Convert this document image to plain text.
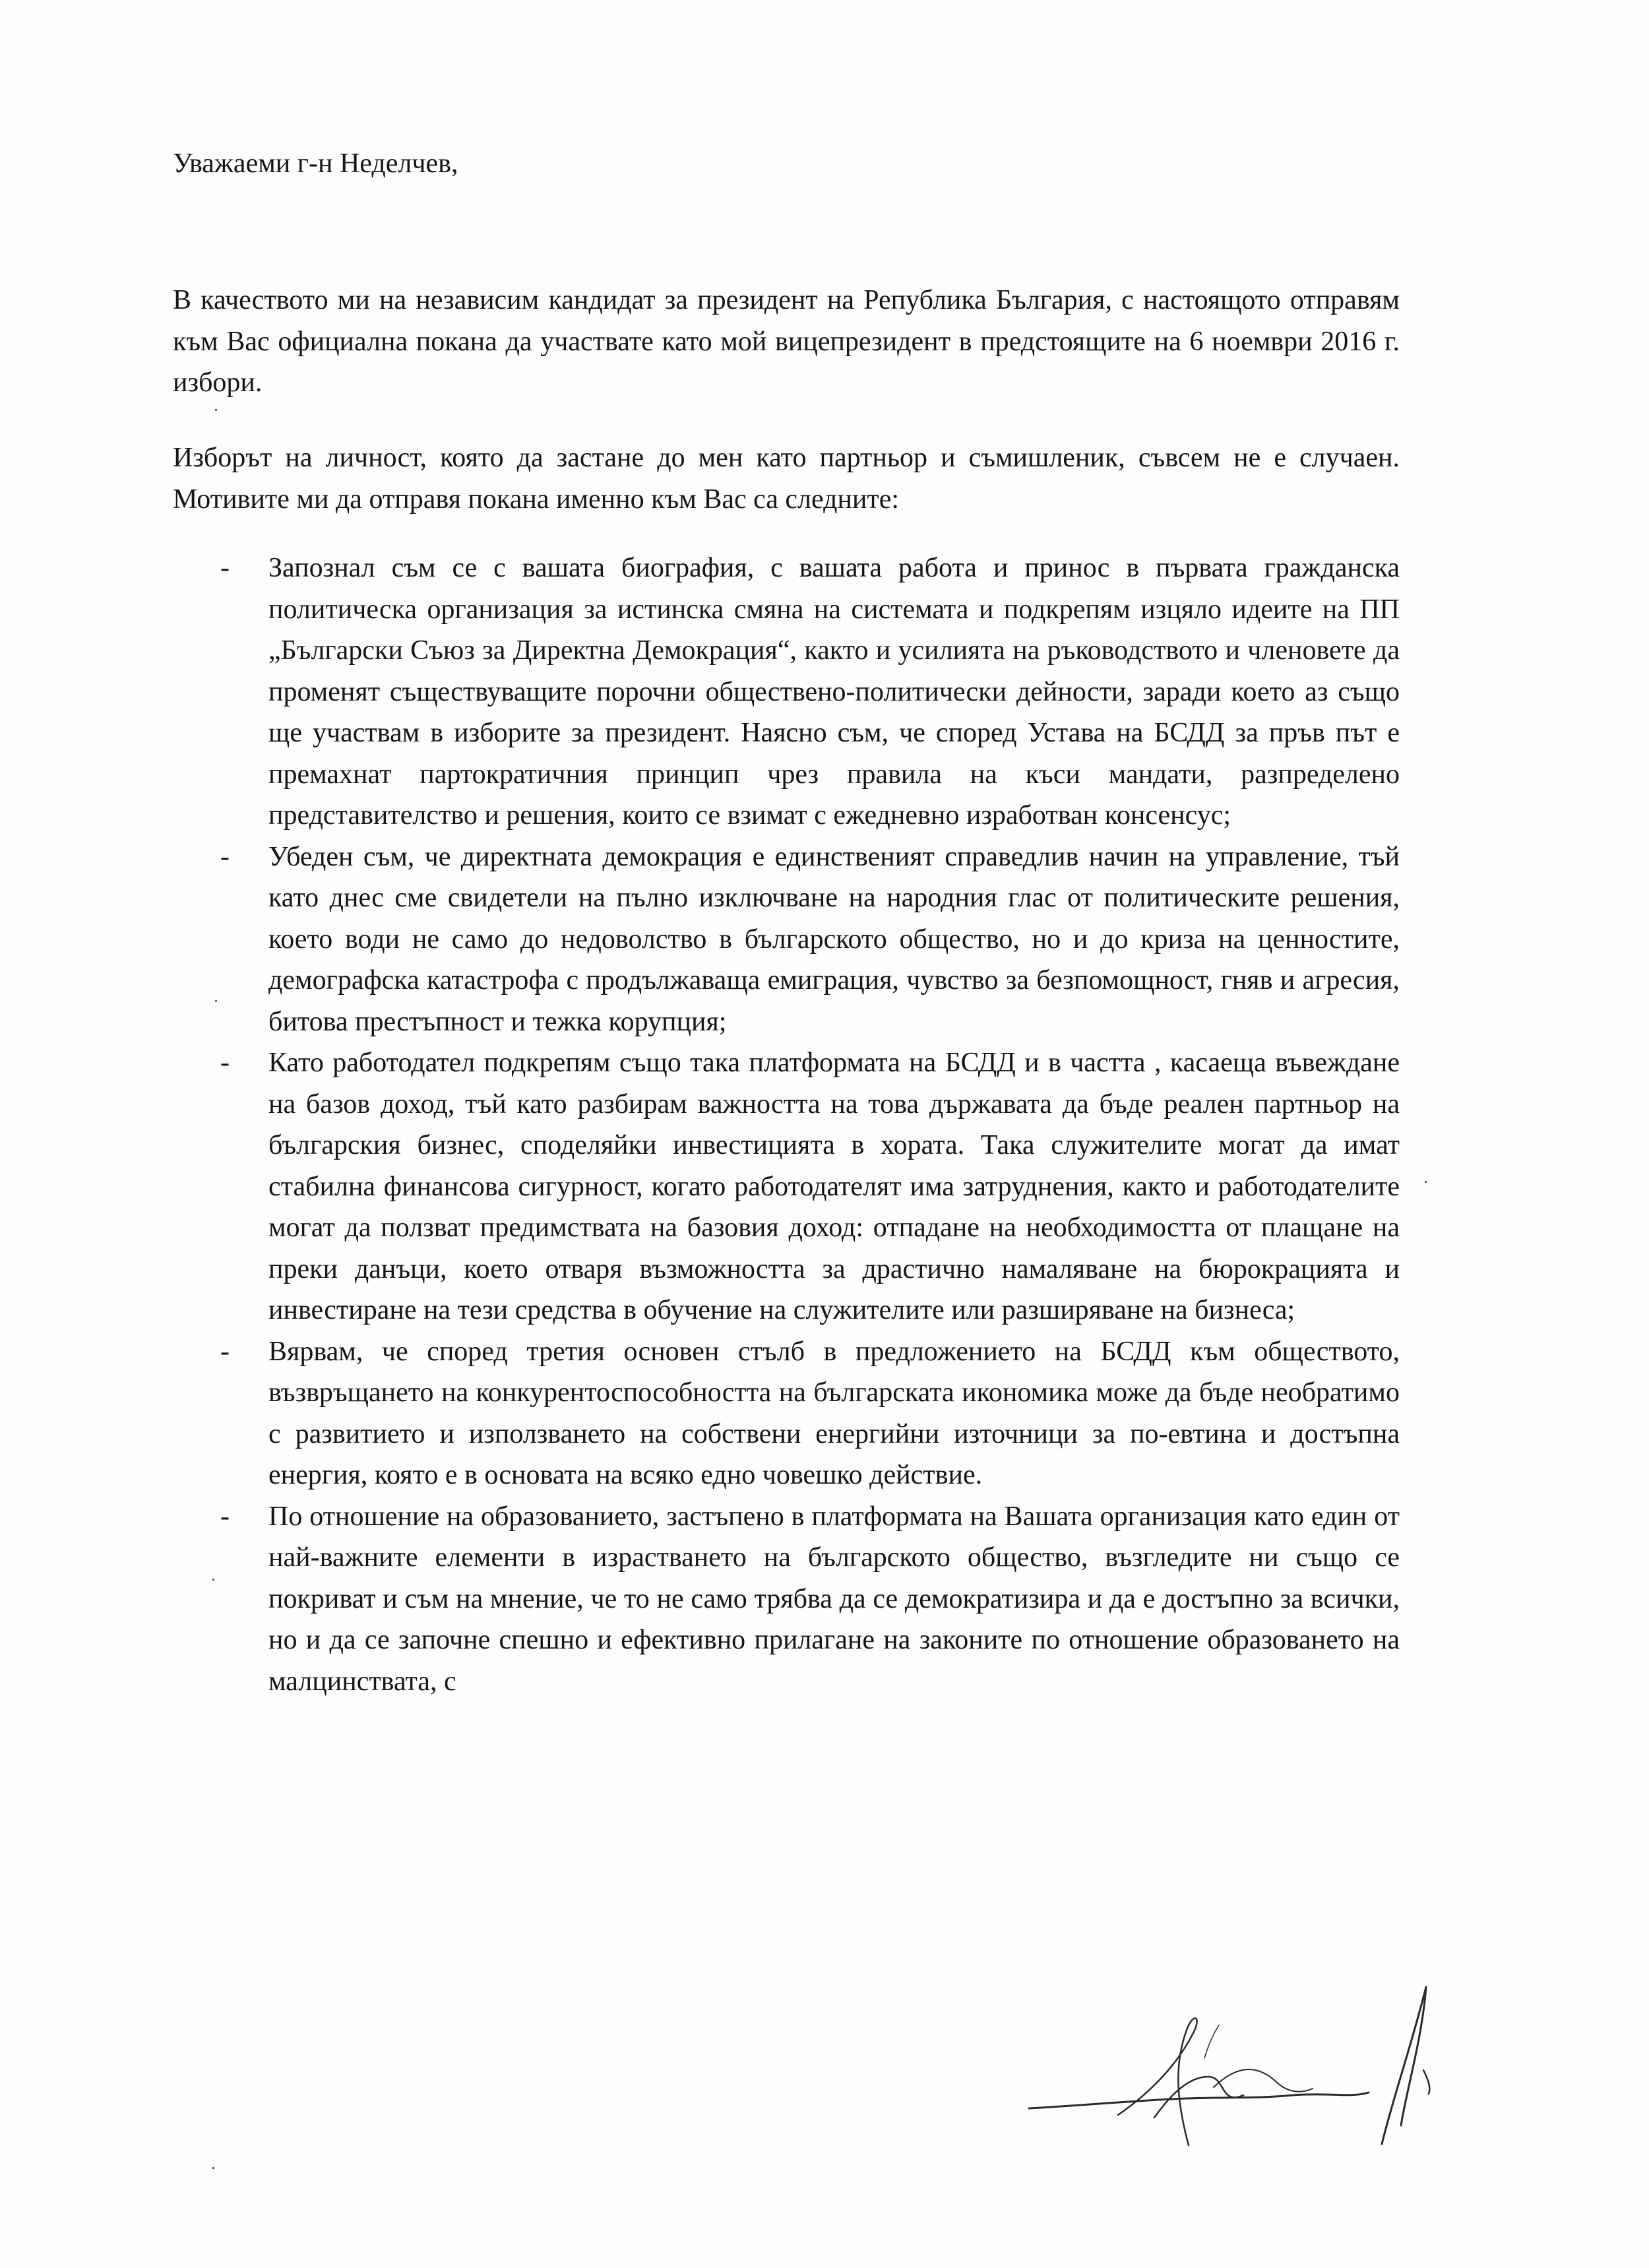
Уважаеми г-н Неделчев,

В качеството ми на независим кандидат за президент на Република България, с настоящото отправям към Вас официална покана да участвате като мой вицепрезидент в предстоящите на 6 ноември 2016 г. избори.

Изборът на личност, която да застане до мен като партньор и съмишленик, съвсем не е случаен. Мотивите ми да отправя покана именно към Вас са следните:

- Запознал съм се с вашата биография, с вашата работа и принос в първата гражданска политическа организация за истинска смяна на системата и подкрепям изцяло идеите на ПП „Български Съюз за Директна Демокрация“, както и усилията на ръководството и членовете да променят съществуващите порочни обществено-политически дейности, заради което аз също ще участвам в изборите за президент. Наясно съм, че според Устава на БСДД за пръв път е премахнат партократичния принцип чрез правила на къси мандати, разпределено представителство и решения, които се взимат с ежедневно изработван консенсус;
- Убеден съм, че директната демокрация е единственият справедлив начин на управление, тъй като днес сме свидетели на пълно изключване на народния глас от политическите решения, което води не само до недоволство в българското общество, но и до криза на ценностите, демографска катастрофа с продължаваща емиграция, чувство за безпомощност, гняв и агресия, битова престъпност и тежка корупция;
- Като работодател подкрепям също така платформата на БСДД и в частта , касаеща въвеждане на базов доход, тъй като разбирам важността на това държавата да бъде реален партньор на българския бизнес, споделяйки инвестицията в хората. Така служителите могат да имат стабилна финансова сигурност, когато работодателят има затруднения, както и работодателите могат да ползват предимствата на базовия доход: отпадане на необходимостта от плащане на преки данъци, което отваря възможността за драстично намаляване на бюрокрацията и инвестиране на тези средства в обучение на служителите или разширяване на бизнеса;
- Вярвам, че според третия основен стълб в предложението на БСДД към обществото, възвръщането на конкурентоспособността на българската икономика може да бъде необратимо с развитието и използването на собствени енергийни източници за по-евтина и достъпна енергия, която е в основата на всяко едно човешко действие.
- По отношение на образованието, застъпено в платформата на Вашата организация като един от най-важните елементи в израстването на българското общество, възгледите ни също се покриват и съм на мнение, че то не само трябва да се демократизира и да е достъпно за всички, но и да се започне спешно и ефективно прилагане на законите по отношение образоването на малцинствата, с
